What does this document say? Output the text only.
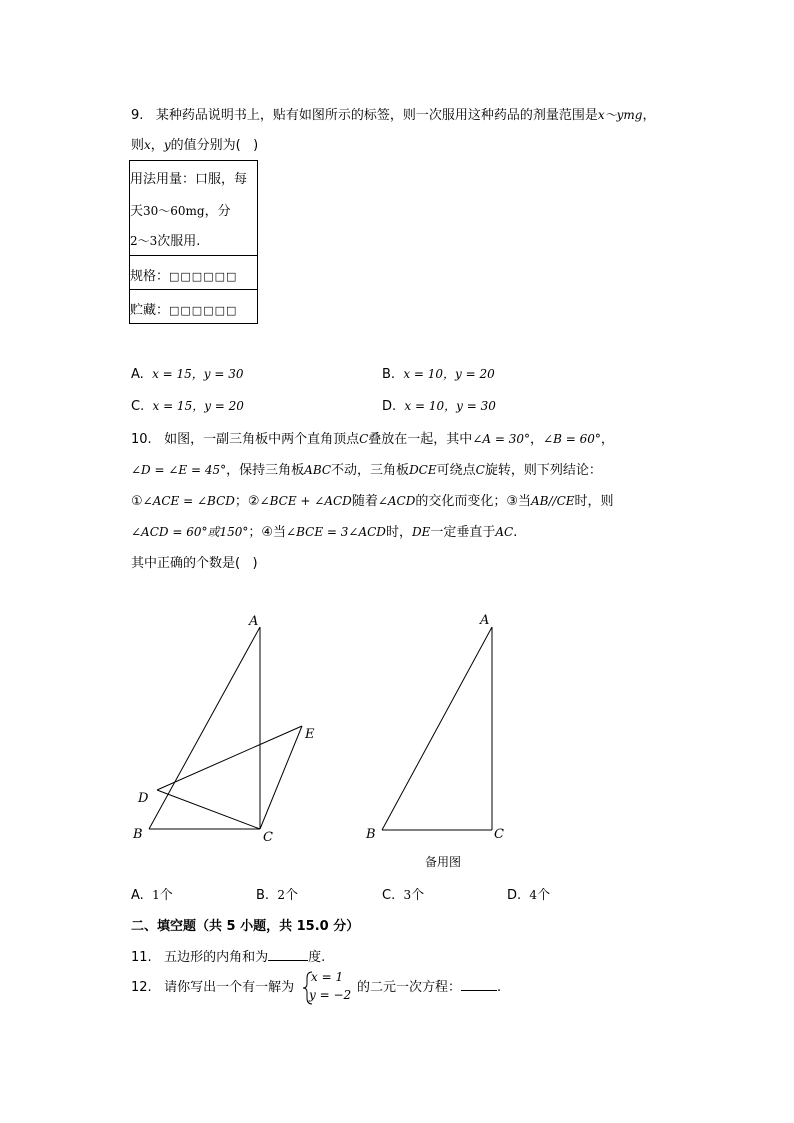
9. 某种药品说明书上，贴有如图所示的标签，则一次服用这种药品的剂量范围是x～ymg，
则x，y的值分别为(   )
用法用量：口服，每
天30～60mg，分
2～3次服用.
规格：□□□□□□
贮藏：□□□□□□
A. x = 15，y = 30	B. x = 10，y = 20
C. x = 15，y = 20	D. x = 10，y = 30
10. 如图，一副三角板中两个直角顶点C叠放在一起，其中∠A = 30°，∠B = 60°，
∠D = ∠E = 45°，保持三角板ABC不动，三角板DCE可绕点C旋转，则下列结论：
①∠ACE = ∠BCD；②∠BCE + ∠ACD随着∠ACD的交化而变化；③当AB//CE时，则
∠ACD = 60°或150°；④当∠BCE = 3∠ACD时，DE一定垂直于AC.
其中正确的个数是(   )
A
B	C
D
E
A
B	C
备用图
A. 1个	B. 2个	C. 3个	D. 4个
二、填空题（共 5 小题，共 15.0 分）
11. 五边形的内角和为	度.
12. 请你写出一个有一解为
x = 1
y = −2 的二元一次方程：	.
